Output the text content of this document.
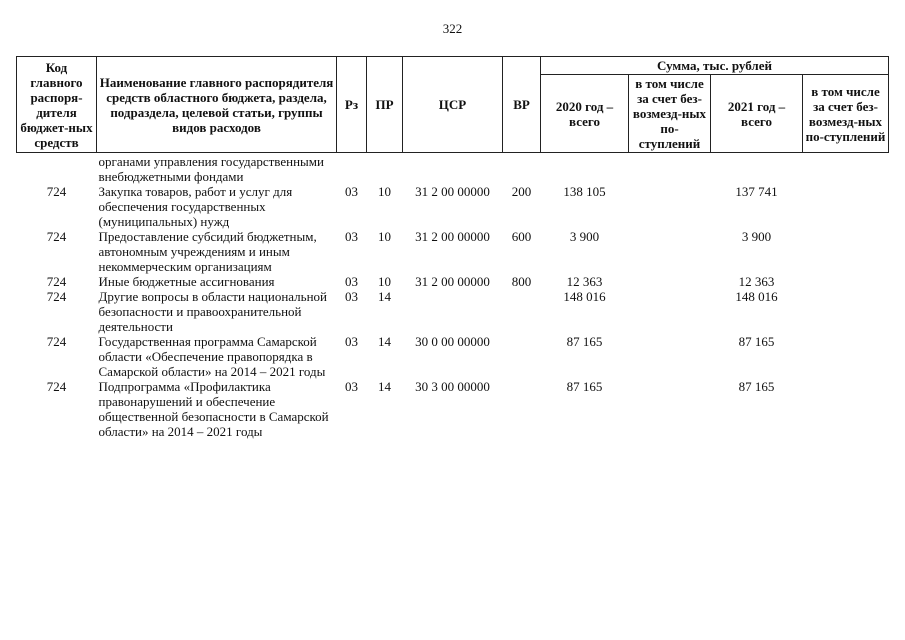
322
Код главного распоря-дителя бюджет-ных средств	Наименование главного распорядителя средств областного бюджета, раздела, подраздела, целевой статьи, группы видов расходов	Рз	ПР	ЦСР	ВР	Сумма, тыс. рублей			
						2020 год – всего	в том числе за счет без-возмезд-ных по-ступлений	2021 год – всего	в том числе за счет без-возмезд-ных по-ступлений
	органами управления государственными внебюджетными фондами								
724	Закупка товаров, работ и услуг для обеспечения государственных (муниципальных) нужд	03	10	31 2 00 00000	200	138 105		137 741	
724	Предоставление субсидий бюджетным, автономным учреждениям и иным некоммерческим организациям	03	10	31 2 00 00000	600	3 900		3 900	
724	Иные бюджетные ассигнования	03	10	31 2 00 00000	800	12 363		12 363	
724	Другие вопросы в области национальной безопасности и правоохранительной деятельности	03	14			148 016		148 016	
724	Государственная программа Самарской области «Обеспечение правопорядка в Самарской области» на 2014 – 2021 годы	03	14	30 0 00 00000		87 165		87 165	
724	Подпрограмма «Профилактика правонарушений и обеспечение общественной безопасности в Самарской области» на 2014 – 2021 годы	03	14	30 3 00 00000		87 165		87 165	
